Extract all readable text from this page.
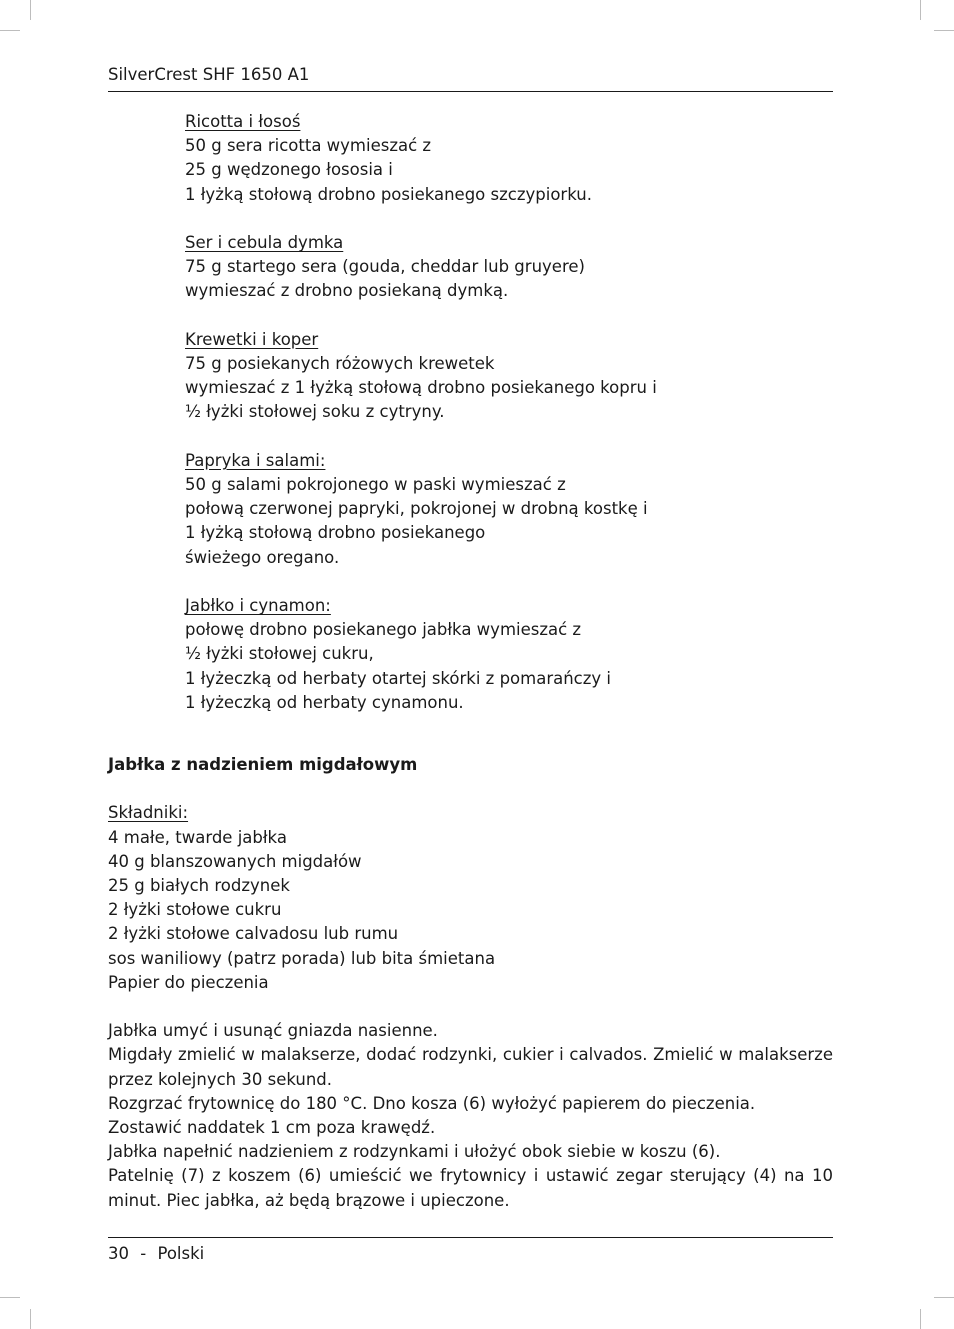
SilverCrest SHF 1650 A1
Ricotta i łosoś
50 g sera ricotta wymieszać z
25 g wędzonego łososia i
1 łyżką stołową drobno posiekanego szczypiorku.
Ser i cebula dymka
75 g startego sera (gouda, cheddar lub gruyere)
wymieszać z drobno posiekaną dymką.
Krewetki i koper
75 g posiekanych różowych krewetek
wymieszać z 1 łyżką stołową drobno posiekanego kopru i
½ łyżki stołowej soku z cytryny.
Papryka i salami:
50 g salami pokrojonego w paski wymieszać z
połową czerwonej papryki, pokrojonej w drobną kostkę i
1 łyżką stołową drobno posiekanego
świeżego oregano.
Jabłko i cynamon:
połowę drobno posiekanego jabłka wymieszać z
½ łyżki stołowej cukru,
1 łyżeczką od herbaty otartej skórki z pomarańczy i
1 łyżeczką od herbaty cynamonu.
Jabłka z nadzieniem migdałowym
Składniki:
4 małe, twarde jabłka
40 g blanszowanych migdałów
25 g białych rodzynek
2 łyżki stołowe cukru
2 łyżki stołowe calvadosu lub rumu
sos waniliowy (patrz porada) lub bita śmietana
Papier do pieczenia
Jabłka umyć i usunąć gniazda nasienne.
Migdały zmielić w malakserze, dodać rodzynki, cukier i calvados. Zmielić w malakserze przez kolejnych 30 sekund.
Rozgrzać frytownicę do 180 °C. Dno kosza (6) wyłożyć papierem do pieczenia.
Zostawić naddatek 1 cm poza krawędź.
Jabłka napełnić nadzieniem z rodzynkami i ułożyć obok siebie w koszu (6).
Patelnię (7) z koszem (6) umieścić we frytownicy i ustawić zegar sterujący (4) na 10 minut. Piec jabłka, aż będą brązowe i upieczone.
30 - Polski
